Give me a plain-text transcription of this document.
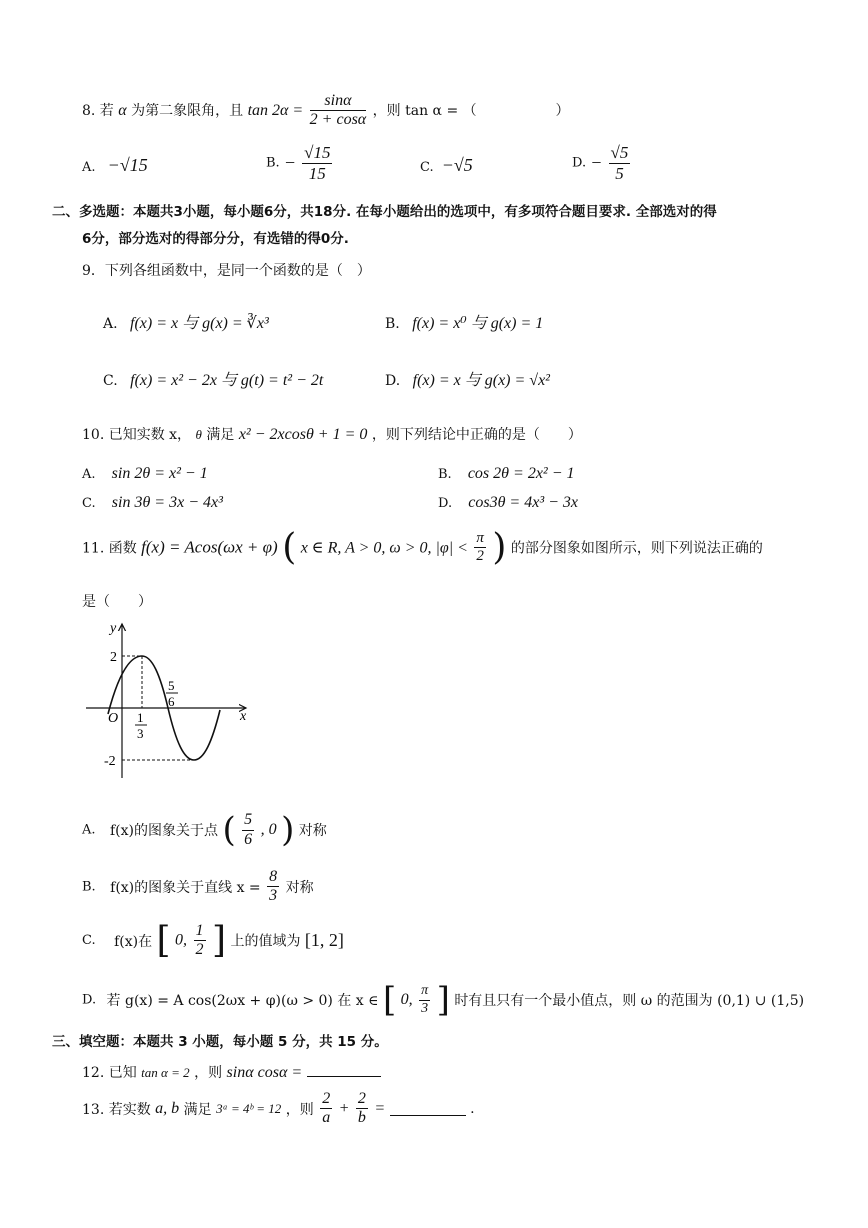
8. 若 α 为第二象限角，且 $\tan 2\alpha = \frac{\sin\alpha}{2 + \cos\alpha}$ ，则 tan α = （	）
A. −√15	B. − $\frac{√15}{15}$	C. −√5	D. − $\frac{√5}{5}$
二、多选题：本题共3小题，每小题6分，共18分. 在每小题给出的选项中，有多项符合题目要求. 全部选对的得
6分，部分选对的得部分分，有选错的得0分.
9．下列各组函数中，是同一个函数的是（　）
A. f(x) = x 与 g(x) = ∛x³	B. f(x) = x⁰ 与 g(x) = 1
C. f(x) = x² − 2x 与 g(t) = t² − 2t	D. f(x) = x 与 g(x) = √x²
10. 已知实数 x， θ 满足 x² − 2xcosθ + 1 = 0 ，则下列结论中正确的是（　　）
A. sin 2θ = x² − 1	B. cos 2θ = 2x² − 1
C. sin 3θ = 3x − 4x³	D. cos3θ = 4x³ − 3x
11. 函数 f(x) = Acos(ωx + φ) ( x ∈ R, A > 0, ω > 0, $|\varphi| < \frac{\pi}{2}$ ) 的部分图象如图所示，则下列说法正确的
是（　　）
y
x
O
2
-2
1
3
5
6
A. f(x)的图象关于点 ( $\frac{5}{6}$ , 0 ) 对称
B. f(x)的图象关于直线 $x = \frac{8}{3}$ 对称
C. f(x)在 [ 0, $\frac{1}{2}$ ] 上的值域为 [1, 2]
D. 若 g(x) = A cos(2ωx + φ)(ω > 0) 在 x ∈ [ 0, $\frac{\pi}{3}$ ] 时有且只有一个最小值点，则 ω 的范围为 (0,1) ∪ (1,5)
三、填空题：本题共 3 小题，每小题 5 分，共 15 分。
12. 已知 tan α = 2 ，则 sinα cosα =
13. 若实数 a, b 满足 3ᵃ = 4ᵇ = 12 ，则 $\frac{2}{a} + \frac{2}{b}$ =	.
